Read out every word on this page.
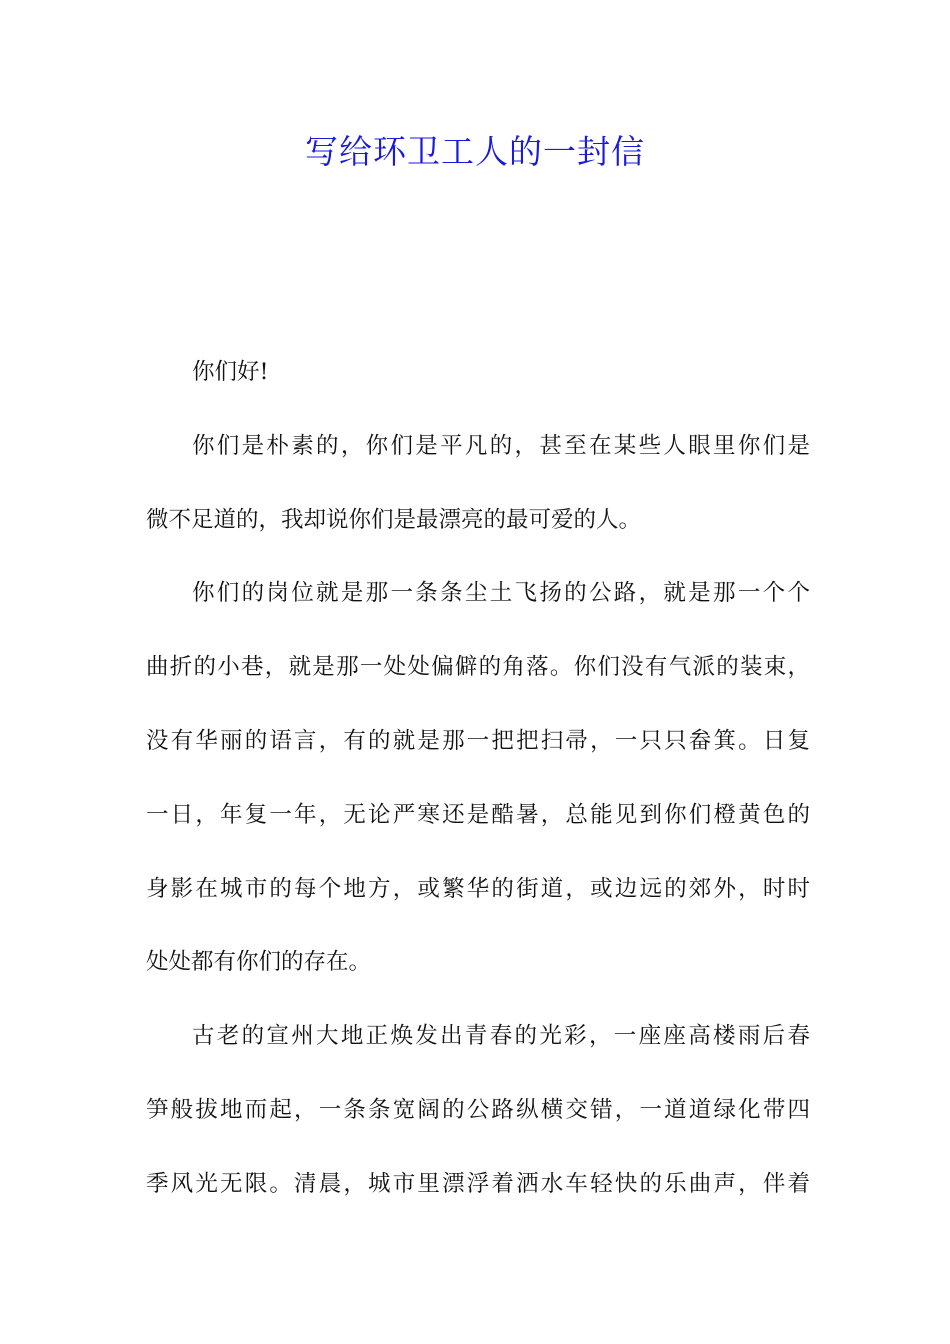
写给环卫工人的一封信
你们好!
你们是朴素的，你们是平凡的，甚至在某些人眼里你们是
微不足道的，我却说你们是最漂亮的最可爱的人。
你们的岗位就是那一条条尘土飞扬的公路，就是那一个个
曲折的小巷，就是那一处处偏僻的角落。你们没有气派的装束，
没有华丽的语言，有的就是那一把把扫帚，一只只畚箕。日复
一日，年复一年，无论严寒还是酷暑，总能见到你们橙黄色的
身影在城市的每个地方，或繁华的街道，或边远的郊外，时时
处处都有你们的存在。
古老的宣州大地正焕发出青春的光彩，一座座高楼雨后春
笋般拔地而起，一条条宽阔的公路纵横交错，一道道绿化带四
季风光无限。清晨，城市里漂浮着洒水车轻快的乐曲声，伴着
